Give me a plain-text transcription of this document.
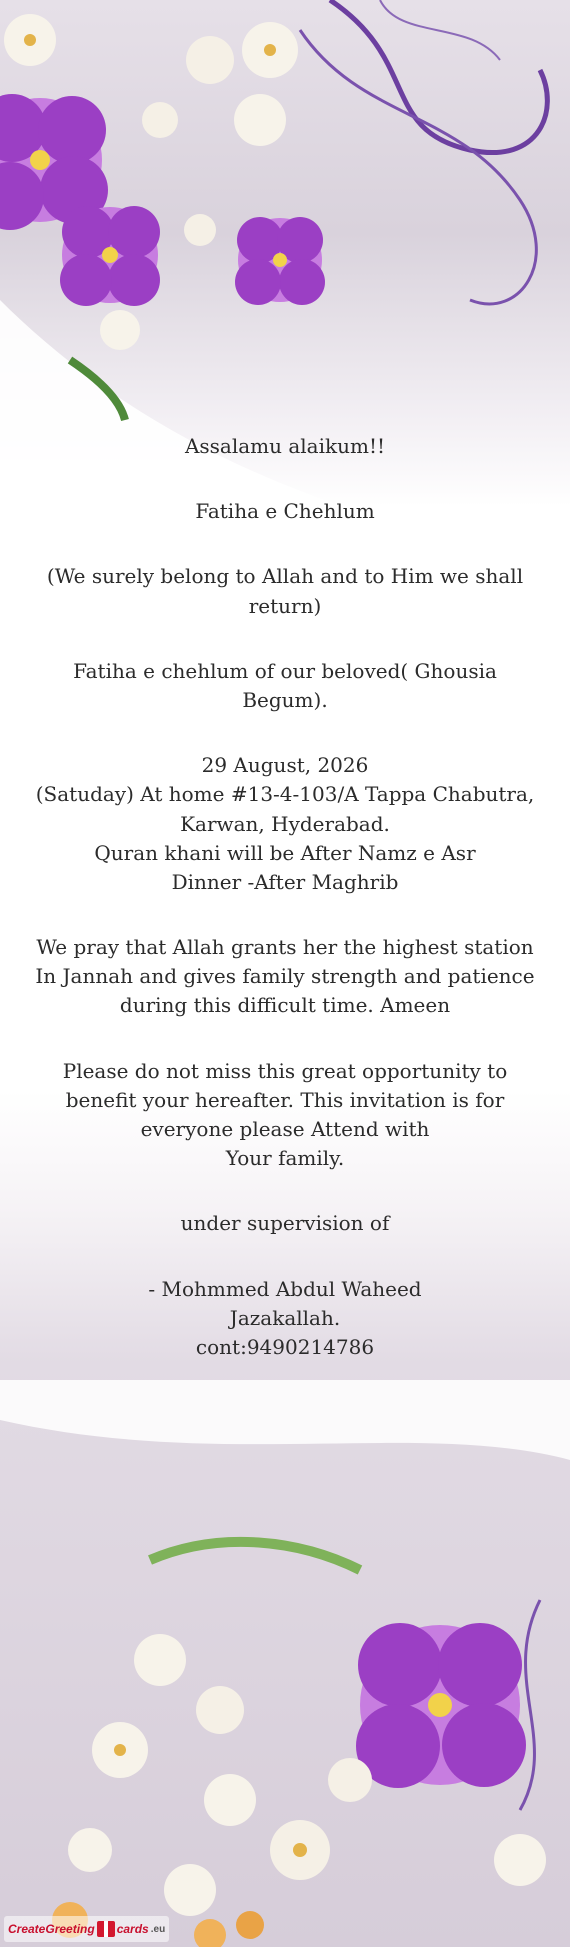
Assalamu alaikum!!

Fatiha e Chehlum

(We surely belong to Allah and to Him we shall return)

Fatiha e chehlum of our beloved( Ghousia Begum).

29 August, 2026

(Satuday) At home #13-4-103/A Tappa Chabutra, Karwan, Hyderabad.

Quran khani will be After Namz e Asr

Dinner -After Maghrib

We pray that Allah grants her the highest station In Jannah and gives family strength and patience during this difficult time. Ameen

Please do not miss this great opportunity to benefit your hereafter. This invitation is for everyone please Attend with

Your family.

under supervision of

- Mohmmed Abdul Waheed

Jazakallah.

cont:9490214786

CreateGreeting cards .eu
